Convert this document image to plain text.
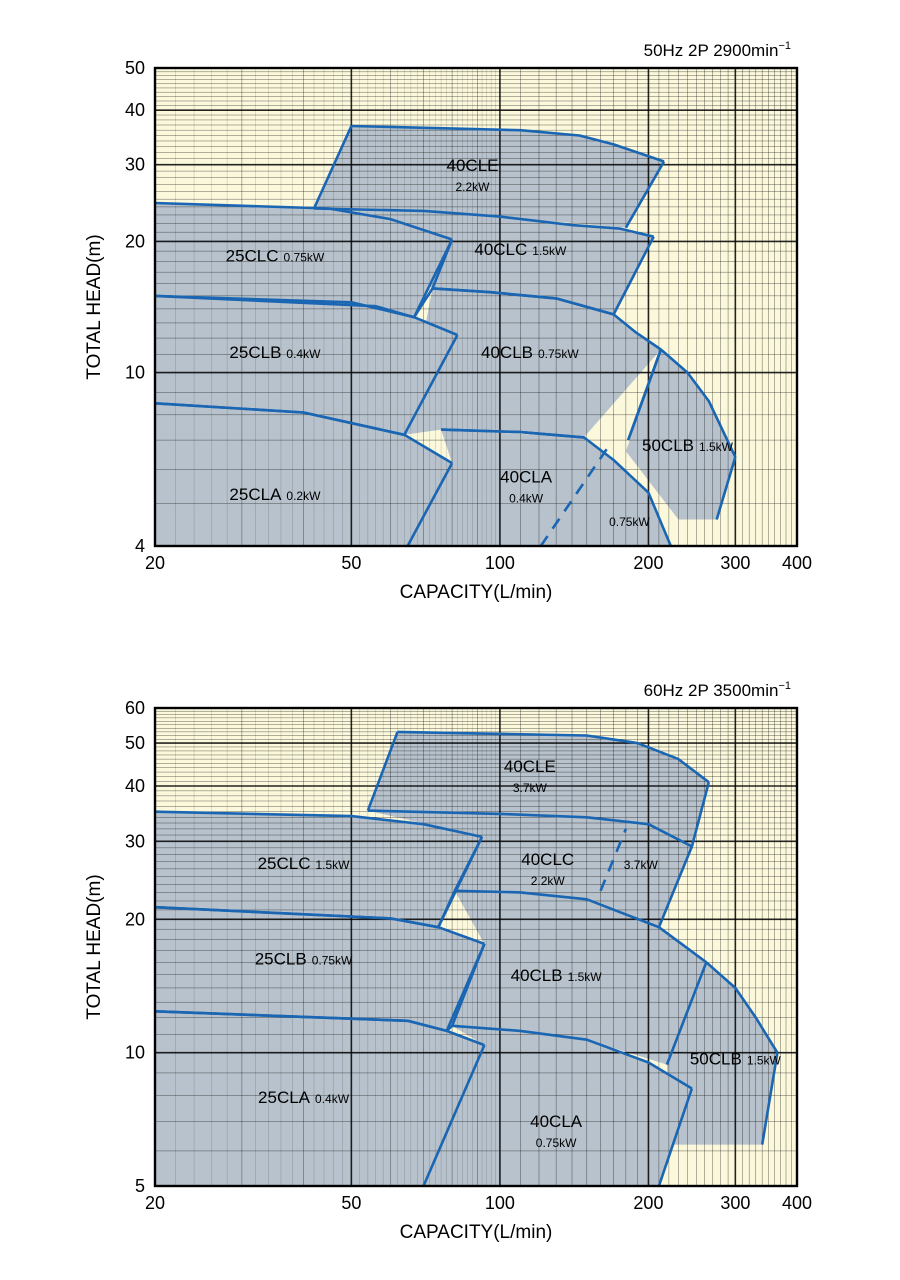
25CLC 0.75kW
25CLB 0.4kW
25CLA 0.2kW
40CLE
2.2kW
40CLC 1.5kW
40CLB 0.75kW
40CLA
0.4kW
0.75kW
50CLB 1.5kW
20	50	100	200	300 400
4
10
20
30
40
50
CAPACITY(L/min)
TOTAL HEAD(m)
50Hz 2P $2900\min^{-1}$
25CLC 1.5kW
25CLB 0.75kW
25CLA 0.4kW
40CLE
3.7kW
40CLC
2.2kW
3.7kW
40CLB 1.5kW
40CLA
0.75kW
50CLB 1.5kW
20	50	100	200	300 400
5
10
20
30
40
50
60
CAPACITY(L/min)
TOTAL HEAD(m)
60Hz 2P $3500\min^{-1}$
